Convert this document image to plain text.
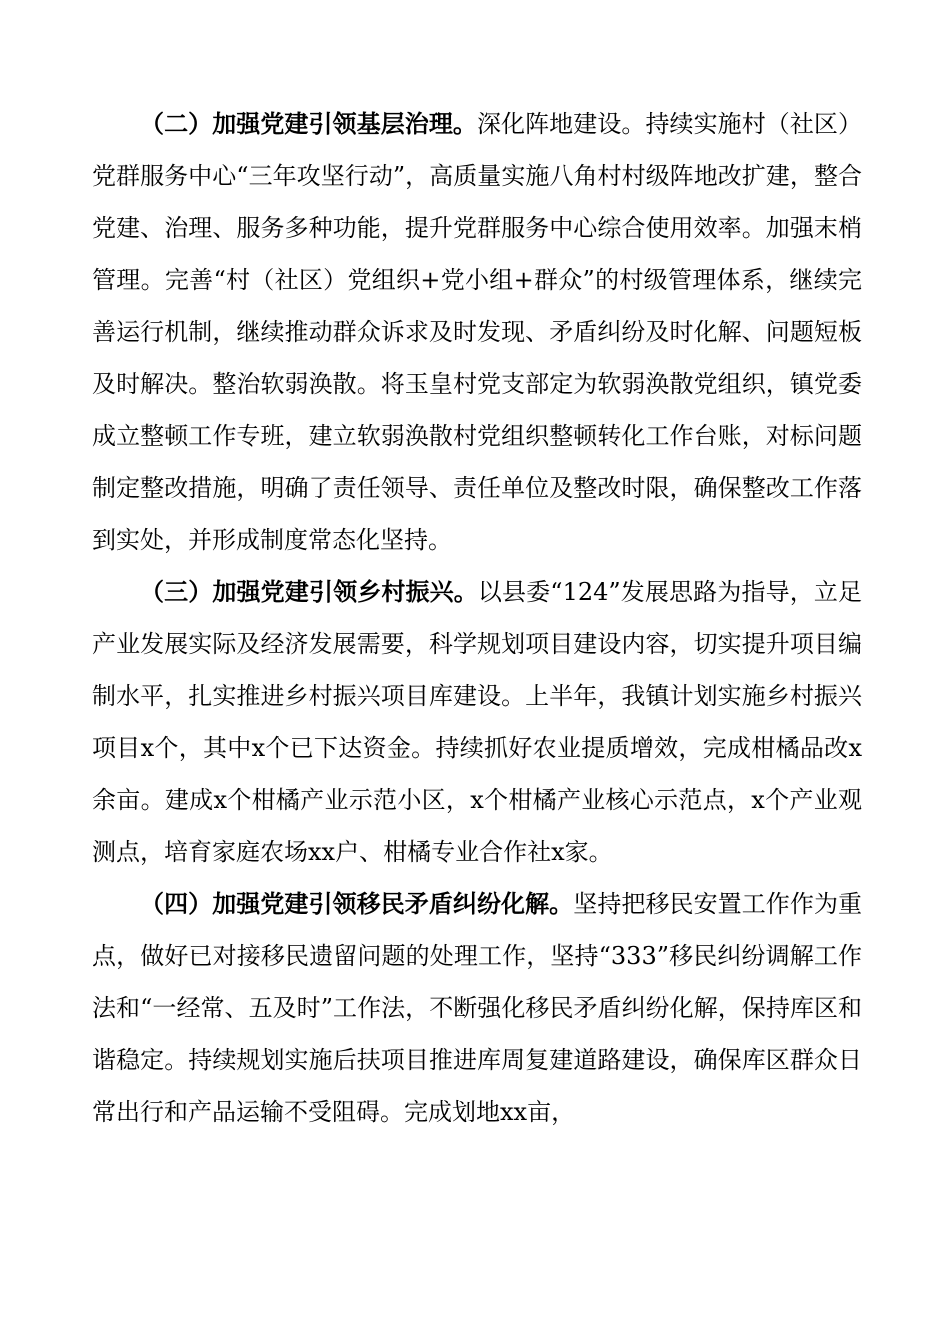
（二）加强党建引领基层治理。深化阵地建设。持续实施村（社区）党群服务中心“三年攻坚行动”，高质量实施八角村村级阵地改扩建，整合党建、治理、服务多种功能，提升党群服务中心综合使用效率。加强末梢管理。完善“村（社区）党组织+党小组+群众”的村级管理体系，继续完善运行机制，继续推动群众诉求及时发现、矛盾纠纷及时化解、问题短板及时解决。整治软弱涣散。将玉皇村党支部定为软弱涣散党组织，镇党委成立整顿工作专班，建立软弱涣散村党组织整顿转化工作台账，对标问题制定整改措施，明确了责任领导、责任单位及整改时限，确保整改工作落到实处，并形成制度常态化坚持。

（三）加强党建引领乡村振兴。以县委“124”发展思路为指导，立足产业发展实际及经济发展需要，科学规划项目建设内容，切实提升项目编制水平，扎实推进乡村振兴项目库建设。上半年，我镇计划实施乡村振兴项目x个，其中x个已下达资金。持续抓好农业提质增效，完成柑橘品改x余亩。建成x个柑橘产业示范小区，x个柑橘产业核心示范点，x个产业观测点，培育家庭农场xx户、柑橘专业合作社x家。

（四）加强党建引领移民矛盾纠纷化解。坚持把移民安置工作作为重点，做好已对接移民遗留问题的处理工作，坚持“333”移民纠纷调解工作法和“一经常、五及时”工作法，不断强化移民矛盾纠纷化解，保持库区和谐稳定。持续规划实施后扶项目推进库周复建道路建设，确保库区群众日常出行和产品运输不受阻碍。完成划地xx亩，
